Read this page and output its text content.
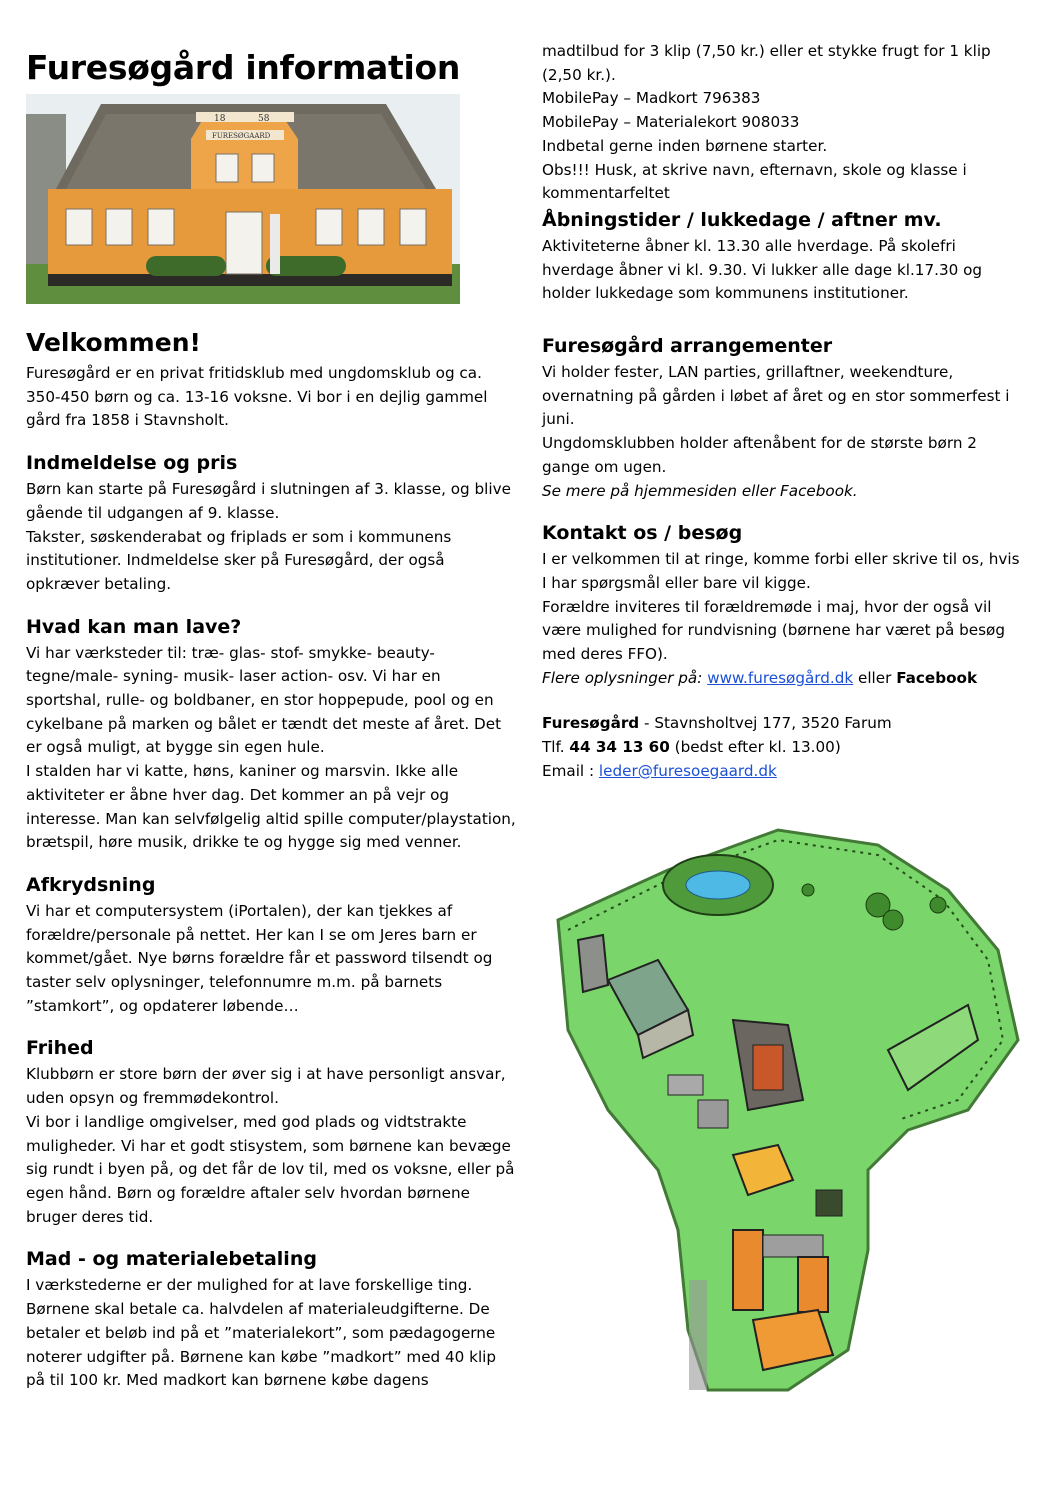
Furesøgård information
18	58
FURESØGAARD
Velkommen!

Furesøgård er en privat fritidsklub med ungdomsklub og ca. 350-450 børn og ca. 13-16 voksne. Vi bor i en dejlig gammel gård fra 1858 i Stavnsholt.

Indmeldelse og pris

Børn kan starte på Furesøgård i slutningen af 3. klasse, og blive gående til udgangen af 9. klasse.

Takster, søskenderabat og friplads er som i kommunens institutioner. Indmeldelse sker på Furesøgård, der også opkræver betaling.

Hvad kan man lave?

Vi har værksteder til: træ- glas- stof- smykke- beauty- tegne/male- syning- musik- laser action- osv. Vi har en sportshal, rulle- og boldbaner, en stor hoppepude, pool og en cykelbane på marken og bålet er tændt det meste af året. Det er også muligt, at bygge sin egen hule.

I stalden har vi katte, høns, kaniner og marsvin. Ikke alle aktiviteter er åbne hver dag. Det kommer an på vejr og interesse. Man kan selvfølgelig altid spille computer/playstation, brætspil, høre musik, drikke te og hygge sig med venner.

Afkrydsning

Vi har et computersystem (iPortalen), der kan tjekkes af forældre/personale på nettet. Her kan I se om Jeres barn er kommet/gået. Nye børns forældre får et password tilsendt og taster selv oplysninger, telefonnumre m.m. på barnets ”stamkort”, og opdaterer løbende…

Frihed

Klubbørn er store børn der øver sig i at have personligt ansvar, uden opsyn og fremmødekontrol.

Vi bor i landlige omgivelser, med god plads og vidtstrakte muligheder. Vi har et godt stisystem, som børnene kan bevæge sig rundt i byen på, og det får de lov til, med os voksne, eller på egen hånd. Børn og forældre aftaler selv hvordan børnene bruger deres tid.

Mad - og materialebetaling

I værkstederne er der mulighed for at lave forskellige ting. Børnene skal betale ca. halvdelen af materialeudgifterne. De betaler et beløb ind på et ”materialekort”, som pædagogerne noterer udgifter på. Børnene kan købe ”madkort” med 40 klip på til 100 kr. Med madkort kan børnene købe dagens

madtilbud for 3 klip (7,50 kr.) eller et stykke frugt for 1 klip (2,50 kr.).

MobilePay – Madkort 796383

MobilePay – Materialekort 908033

Indbetal gerne inden børnene starter.

Obs!!! Husk, at skrive navn, efternavn, skole og klasse i kommentarfeltet

Åbningstider / lukkedage / aftner mv.

Aktiviteterne åbner kl. 13.30 alle hverdage. På skolefri hverdage åbner vi kl. 9.30. Vi lukker alle dage kl.17.30 og holder lukkedage som kommunens institutioner.

Furesøgård arrangementer

Vi holder fester, LAN parties, grillaftner, weekendture, overnatning på gården i løbet af året og en stor sommerfest i juni.

Ungdomsklubben holder aftenåbent for de største børn 2 gange om ugen.

Se mere på hjemmesiden eller Facebook.

Kontakt os / besøg

I er velkommen til at ringe, komme forbi eller skrive til os, hvis I har spørgsmål eller bare vil kigge.

Forældre inviteres til forældremøde i maj, hvor der også vil være mulighed for rundvisning (børnene har været på besøg med deres FFO).

Flere oplysninger på: www.furesøgård.dk eller Facebook

Furesøgård - Stavnsholtvej 177, 3520 Farum

Tlf. 44 34 13 60 (bedst efter kl. 13.00)

Email : leder@furesoegaard.dk
